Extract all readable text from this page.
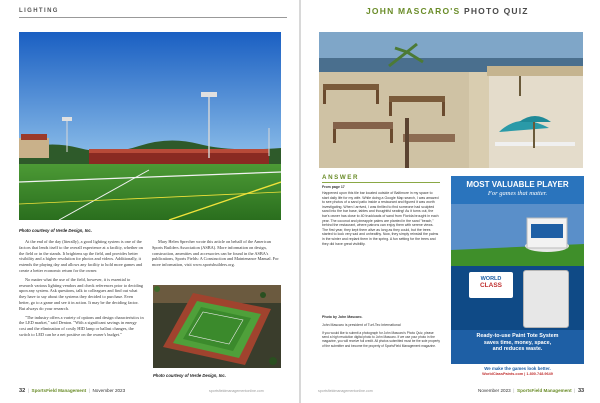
LIGHTING
Photo courtesy of Verde Design, Inc.

At the end of the day (literally), a good lighting system is one of the factors that lends itself to the overall experience at a facility, whether on the field or in the stands. It brightens up the field, and provides better visibility and a higher resolution for photos and videos. Additionally, it extends the playing day and allows any facility to hold more games and create a better economic return for the owner.

No matter what the use of the field, however, it is essential to research various lighting vendors and check references prior to deciding upon any system. Ask questions, talk to colleagues and find out what they have to say about the systems they decided to purchase. Even better, go to a game and see it in action. It may be the deciding factor. But always do your research.

"The industry offers a variety of options and design characteristics in the LED market," said Denton. "With a significant savings in energy cost and the elimination of costly HID lamp or ballast changes, the switch to LED can be a net positive on the owner's budget."

Mary Helen Sprecher wrote this article on behalf of the American Sports Builders Association (ASBA). More information on design, construction, amenities and accessories can be found in the ASBA's publications, Sports Fields: A Construction and Maintenance Manual. For more information, visit www.sportsbuilders.org.

Photo courtesy of Verde Design, Inc.
32  |  SportsField Management  |  November 2023	sportsfieldmanagementonline.com
JOHN MASCARO'S PHOTO QUIZ
ANSWER
From page 17
Happened upon this tile bar located outside of Baltimore in my space to start daily life for my wife. While doing a Google Map search, I was amazed to see photos of a sand patio inside a restaurant and figured it was worth investigating. When I arrived, I was thrilled to find someone had sculpted sand into the bar base, tables and thoughtful seating! As it turns out, the bar's owner has close to 40 truckloads of sand from Florida brought in each year. The coconut and pineapple palms are planted in the sand "beach," behind the restaurant, where patrons can enjoy them with serene views. The first year, they kept them alive as long as they could, but the trees started to look very sad and unhealthy. Now, they simply reinstall the palms in the winter and replant them in the spring. A fun setting for the trees and they did have great visibility.
Photo by John Mascaro.
John Mascaro is president of Turf-Tec International
If you would like to submit a photograph for John Mascaro's Photo Quiz, please send a high resolution digital photo to John Mascaro. If we use your photo in the magazine, you will receive full credit. All photos submitted must be the sole property of the submitter and become the property of SportsField Management magazine.
MOST VALUABLE PLAYER
For games that matter.
WORLD
CLASS
Ready-to-use Paint Tote System
saves time, money, space,
and reduces waste.
We make the games look better.
WorldClassPaints.com | 1.800.748.9649
sportsfieldmanagementonline.com	November 2023  |  SportsField Management  |  33
